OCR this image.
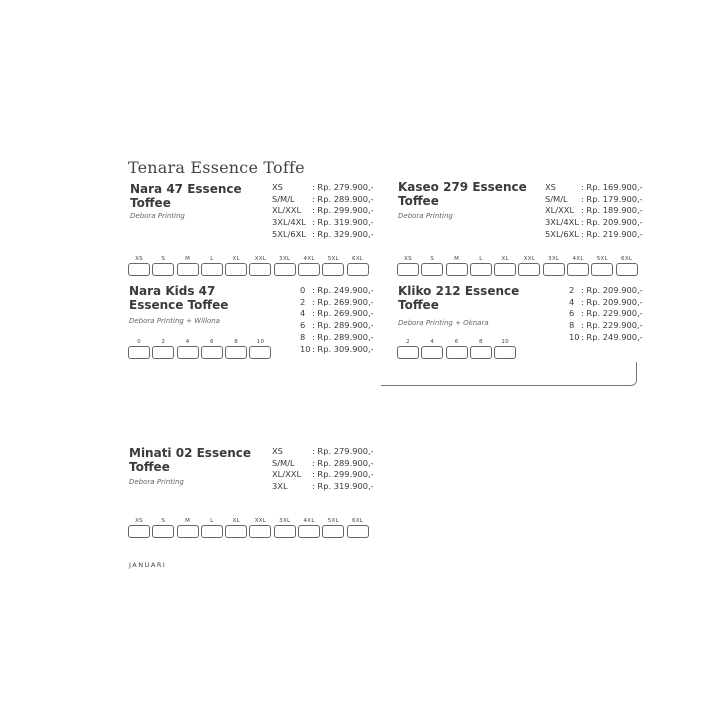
Tenara Essence Toffe
Nara 47 Essence Toffee
Debora Printing
XS	: Rp. 279.900,-
S/M/L	: Rp. 289.900,-
XL/XXL	: Rp. 299.900,-
3XL/4XL : Rp. 319.900,-
5XL/6XL : Rp. 329.900,-
XS	S	M	L	XL	XXL 3XL 4XL 5XL 6XL
Kaseo 279 Essence Toffee
Debora Printing
XS	: Rp. 169.900,-
S/M/L	: Rp. 179.900,-
XL/XXL : Rp. 189.900,-
3XL/4XL : Rp. 209.900,-
5XL/6XL : Rp. 219.900,-
XS	S	M	L	XL	XXL 3XL 4XL 5XL 6XL
Nara Kids 47 Essence Toffee
Debora Printing + Willona
0 : Rp. 249.900,-
2 : Rp. 269.900,-
4 : Rp. 269.900,-
6 : Rp. 289.900,-
8 : Rp. 289.900,-
10 : Rp. 309.900,-
0	2	4	6	8	10
Kliko 212 Essence Toffee
Debora Printing + Oknara
2 : Rp. 209.900,-
4 : Rp. 209.900,-
6 : Rp. 229.900,-
8 : Rp. 229.900,-
10 : Rp. 249.900,-
2	4	6	8	10
Minati 02 Essence Toffee
Debora Printing
XS	: Rp. 279.900,-
S/M/L	: Rp. 289.900,-
XL/XXL	: Rp. 299.900,-
3XL	: Rp. 319.900,-
XS	S	M	L	XL	XXL 3XL 4XL 5XL 6XL
JANUARI
